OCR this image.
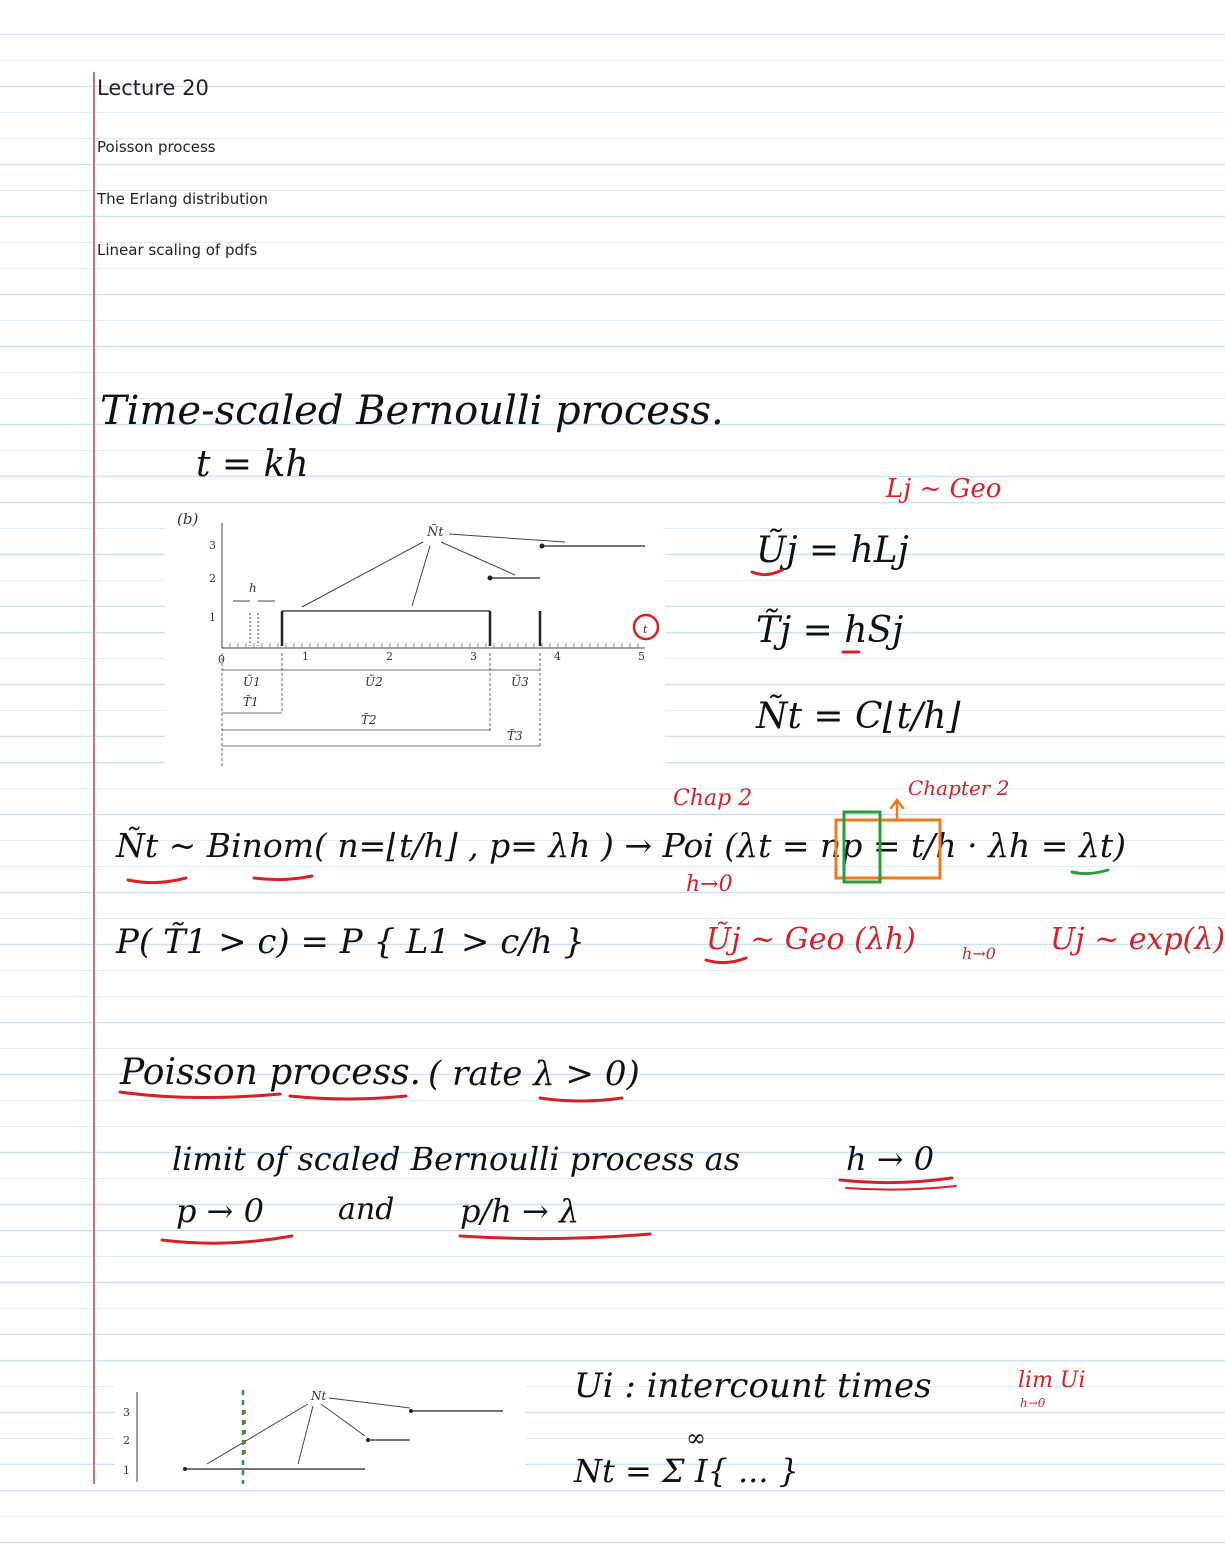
Lecture 20
Poisson process
The Erlang distribution
Linear scaling of pdfs
Time-scaled Bernoulli process.
t = kh
(b)
1
2
3
0	1	2	3	4	5
h
Ñt
t
Ũ1	Ũ2	Ũ3
T̃1
T̃2
T̃3
Lj ~ Geo
Ũj = hLj
T̃j = hSj
Ñt = C⌊t/h⌋
Chap 2	Chapter 2
Ñt ~ Binom( n=⌊t/h⌋ , p= λh ) → Poi (λt = np = t/h · λh = λt)
h→0
P( T̃1 > c) = P { L1 > c/h }	Ũj ~ Geo (λh)	h→0 Uj ~ exp(λ)
Poisson process. ( rate λ > 0)
limit of scaled Bernoulli process as	h → 0
p → 0 and p/h → λ
3
2
1
Nt	Ui : intercount times	lim Ui
h→0
∞
Nt = Σ I{ ... }
